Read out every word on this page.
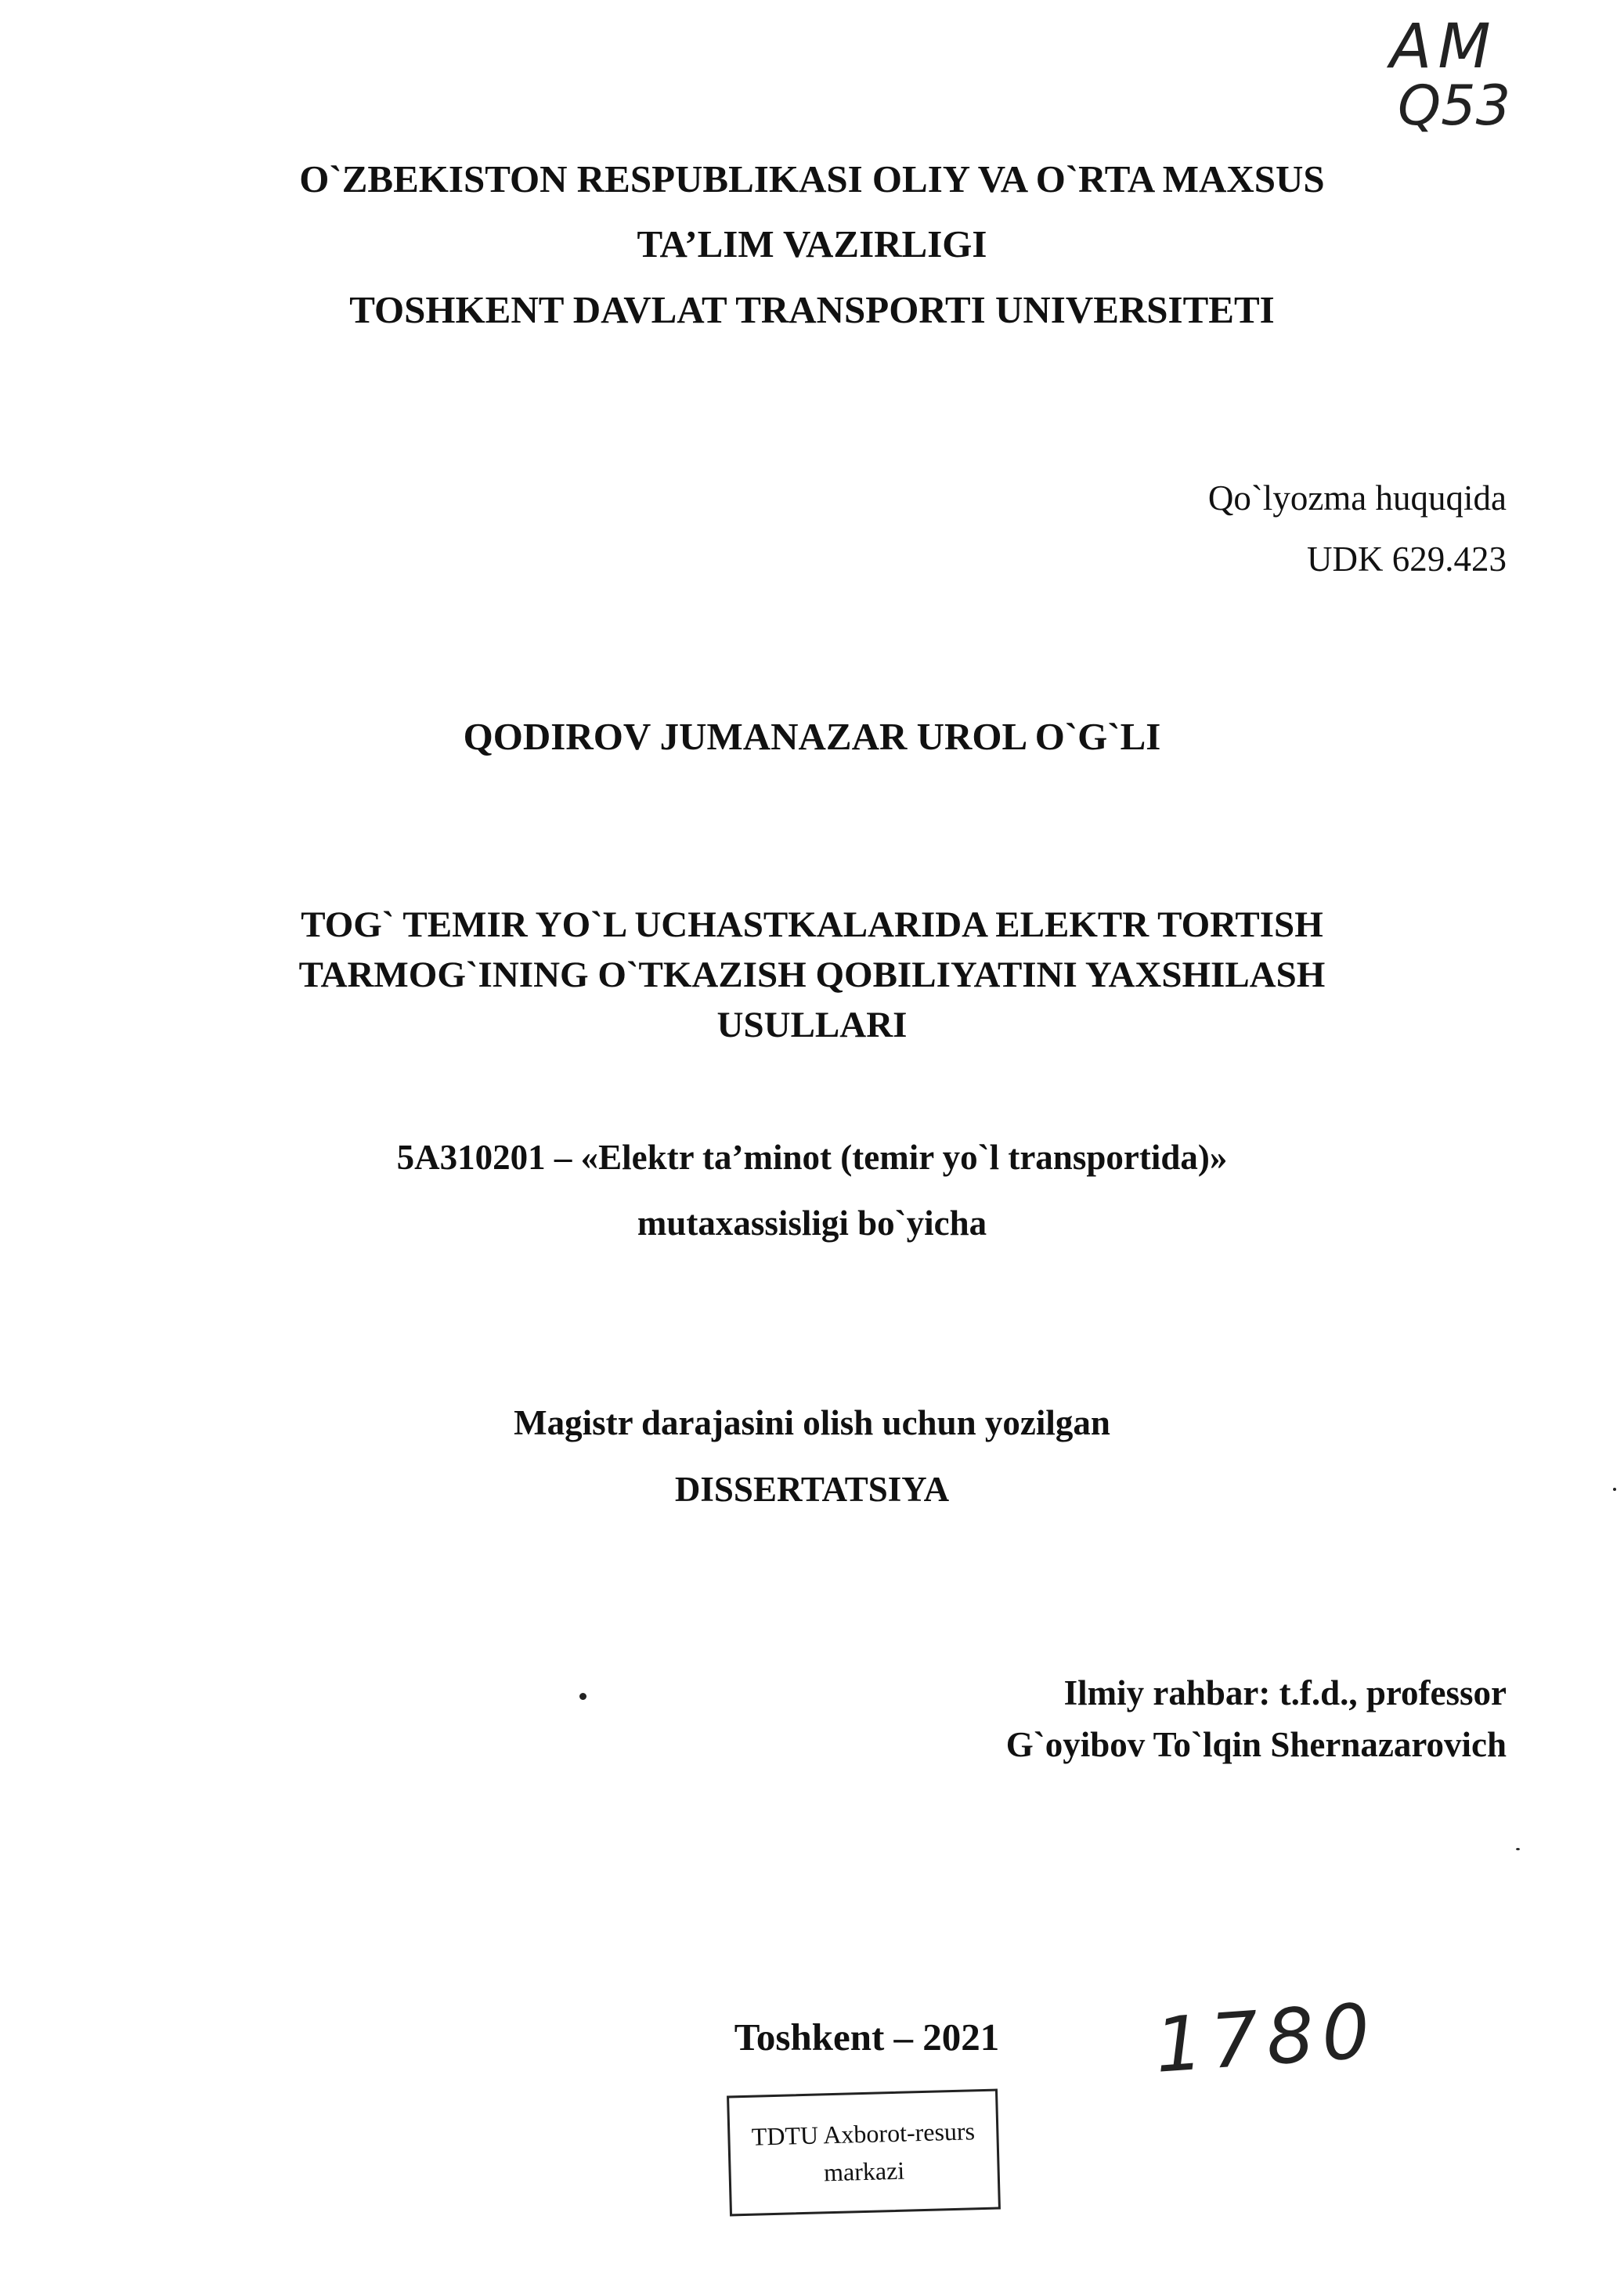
AM
Q53
O`ZBEKISTON RESPUBLIKASI OLIY VA O`RTA MAXSUS
TA’LIM VAZIRLIGI
TOSHKENT DAVLAT TRANSPORTI UNIVERSITETI
Qo`lyozma huquqida
UDK 629.423
QODIROV JUMANAZAR UROL O`G`LI
TOG` TEMIR YO`L UCHASTKALARIDA ELEKTR TORTISH
TARMOG`INING O`TKAZISH QOBILIYATINI YAXSHILASH
USULLARI
5A310201 – «Elektr ta’minot (temir yo`l transportida)»
mutaxassisligi bo`yicha
Magistr darajasini olish uchun yozilgan
DISSERTATSIYA
Ilmiy rahbar: t.f.d., professor
G`oyibov To`lqin Shernazarovich
Toshkent – 2021	1780
TDTU Axborot-resurs
markazi
